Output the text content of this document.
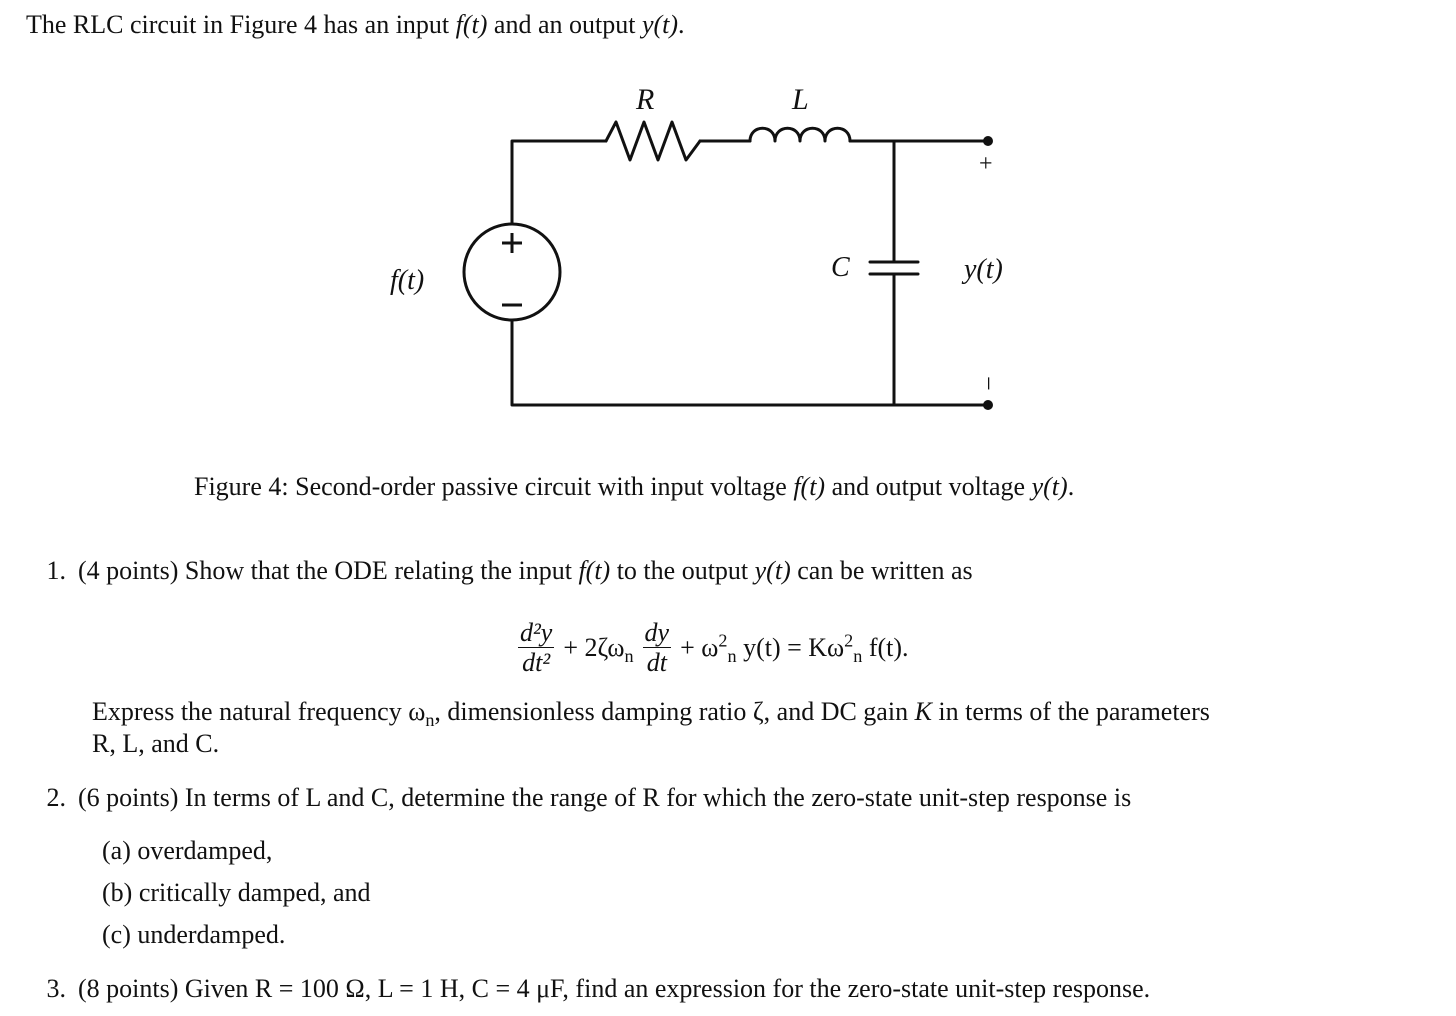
The RLC circuit in Figure 4 has an input f(t) and an output y(t).
R	L
C
f(t)	y(t)
+
−
Figure 4: Second-order passive circuit with input voltage f(t) and output voltage y(t).
1. (4 points) Show that the ODE relating the input f(t) to the output y(t) can be written as
$\frac{\text{d²y}}{\text{dt²}} + 2\zeta\omega_n \frac{dy}{dt} + \omega^2_n$ $y(t) = K\omega^2_n$ f(t).
Express the natural frequency $\omega_n$, dimensionless damping ratio ζ, and DC gain K in terms of the parameters
R, L, and C.
2. (6 points) In terms of L and C, determine the range of R for which the zero-state unit-step response is
(a) overdamped,
(b) critically damped, and
(c) underdamped.
3. (8 points) Given R = 100 Ω, L = 1 H, C = 4 μF, find an expression for the zero-state unit-step response.
